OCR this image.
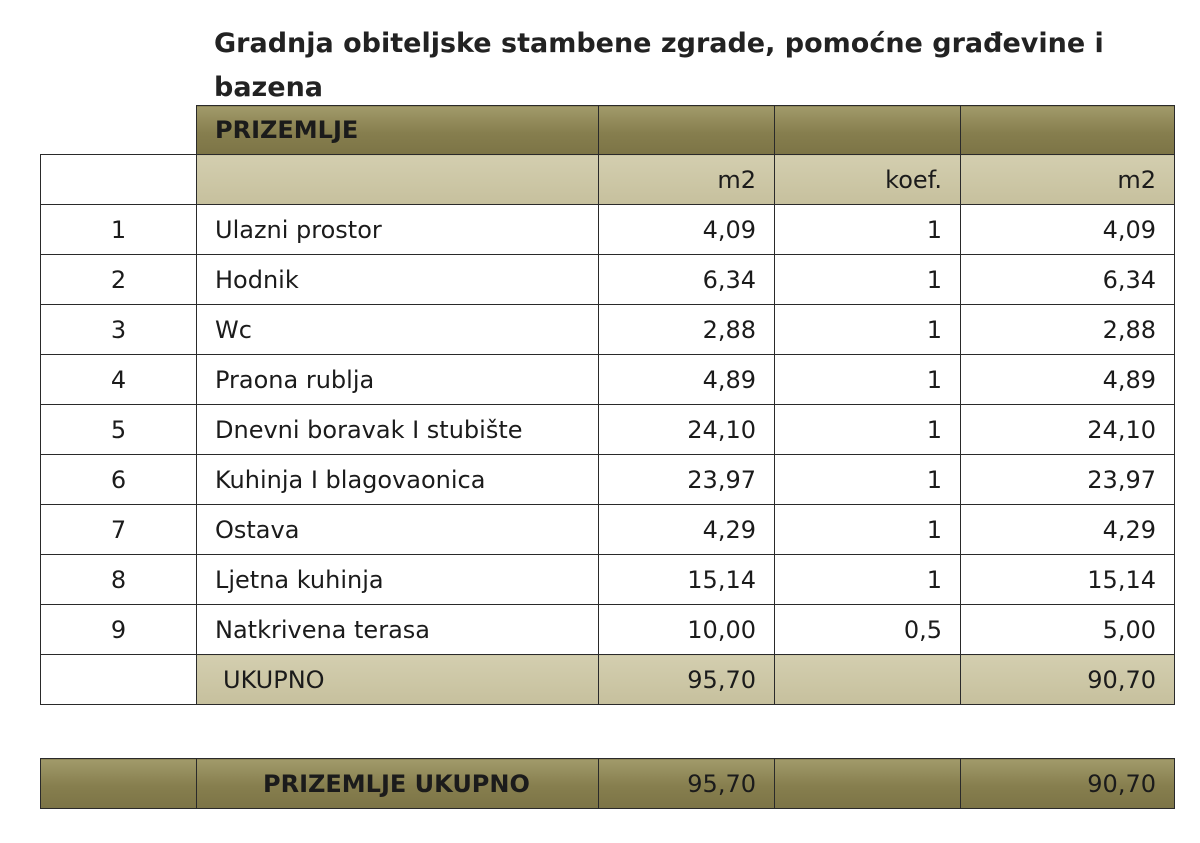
Gradnja obiteljske stambene zgrade, pomoćne građevine i bazena
	PRIZEMLJE			
		m2	koef.	m2
1	Ulazni prostor	4,09	1	4,09
2	Hodnik	6,34	1	6,34
3	Wc	2,88	1	2,88
4	Praona rublja	4,89	1	4,89
5	Dnevni boravak I stubište	24,10	1	24,10
6	Kuhinja I blagovaonica	23,97	1	23,97
7	Ostava	4,29	1	4,29
8	Ljetna kuhinja	15,14	1	15,14
9	Natkrivena terasa	10,00	0,5	5,00
	UKUPNO	95,70		90,70
	PRIZEMLJE UKUPNO	95,70		90,70
